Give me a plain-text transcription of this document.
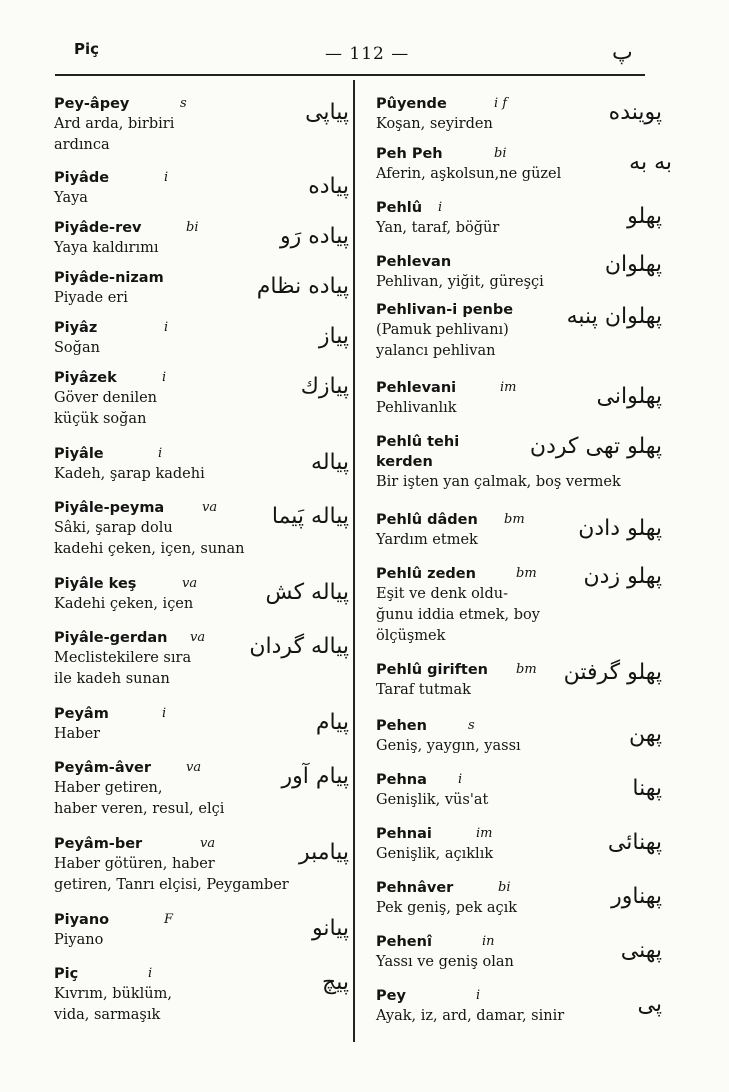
Piç	— 112 —	پ
Pey-âpey	s
Ard arda, birbiri
ardınca
پياپى
Piyâde	i
Yaya	پياده
Piyâde-rev	bi
Yaya kaldırımı	پياده رَو
Piyâde-nizam
Piyade eri	پياده نظام
Piyâz	i
Soğan	پياز
Piyâzek	i
Göver denilen
küçük soğan
پيازك
Piyâle	i
Kadeh, şarap kadehi	پياله
Piyâle-peyma	va
Sâki, şarap dolu
kadehi çeken, içen, sunan
پياله پَيما
Piyâle keş	va
Kadehi çeken, içen	پياله كش
Piyâle-gerdan	va
Meclistekilere sıra
ile kadeh sunan
پياله گردان
Peyâm	i
Haber	پيام
Peyâm-âver	va
Haber getiren,
haber veren, resul, elçi
پيام آور
Peyâm-ber	va
Haber götüren, haber
getiren, Tanrı elçisi, Peygamber
پيامبر
Piyano	F
Piyano	پيانو
Piç	i
Kıvrım, büklüm,
vida, sarmaşık
پيچ
Pûyende	i f
Koşan, seyirden	پوينده
Peh Peh	bi
Aferin, aşkolsun,ne güzel	به به
Pehlû	i
Yan, taraf, böğür	پهلو
Pehlevan
Pehlivan, yiğit, güreşçi
پهلوان
Pehlivan-i penbe
(Pamuk pehlivanı)
yalancı pehlivan
پهلوان پنبه
Pehlevani	im
Pehlivanlık	پهلوانى
Pehlû tehi
kerden
Bir işten yan çalmak, boş vermek
پهلو تهى كردن
Pehlû dâden	bm
Yardım etmek	پهلو دادن
Pehlû zeden	bm
Eşit ve denk oldu-
ğunu iddia etmek, boy
ölçüşmek
پهلو زدن
Pehlû giriften	bm
Taraf tutmak
پهلو گرفتن
Pehen	s
Geniş, yaygın, yassı	پهن
Pehna	i
Genişlik, vüs'at	پهنا
Pehnai	im
Genişlik, açıklık	پهنائى
Pehnâver	bi
Pek geniş, pek açık	پهناور
Pehenî	in
Yassı ve geniş olan	پهنى
Pey	i
Ayak, iz, ard, damar, sinir	پى
